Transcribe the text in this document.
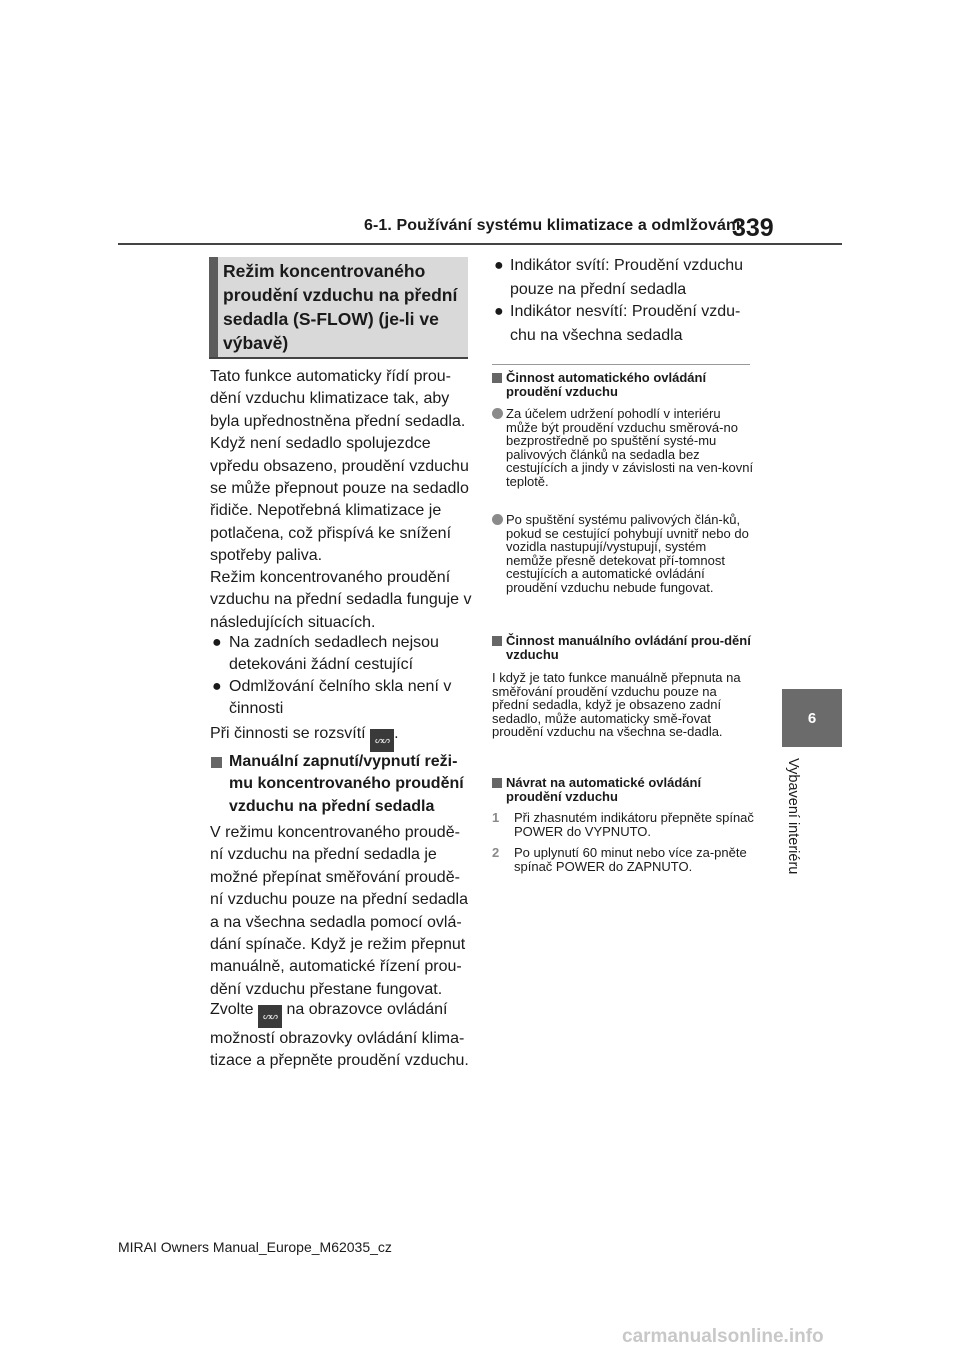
6-1. Používání systému klimatizace a odmlžování
339
6
Vybavení interiéru
Režim koncentrovaného proudění vzduchu na přední sedadla (S-FLOW) (je-li ve výbavě)
Tato funkce automaticky řídí prou-dění vzduchu klimatizace tak, aby byla upřednostněna přední sedadla. Když není sedadlo spolujezdce vpředu obsazeno, proudění vzduchu se může přepnout pouze na sedadlo řidiče. Nepotřebná klimatizace je potlačena, což přispívá ke snížení spotřeby paliva.
Režim koncentrovaného proudění vzduchu na přední sedadla funguje v následujících situacích.
● Na zadních sedadlech nejsou detekováni žádní cestující
● Odmlžování čelního skla není v činnosti
Při činnosti se rozsvítí ᔕᔕ .
Manuální zapnutí/vypnutí reži-mu koncentrovaného proudění vzduchu na přední sedadla
V režimu koncentrovaného proudě-ní vzduchu na přední sedadla je možné přepínat směřování proudě-ní vzduchu pouze na přední sedadla a na všechna sedadla pomocí ovlá-dání spínače. Když je režim přepnut manuálně, automatické řízení prou-dění vzduchu přestane fungovat.
Zvolte ᔕᔕ na obrazovce ovládání možností obrazovky ovládání klima-tizace a přepněte proudění vzduchu.
● Indikátor svítí: Proudění vzduchu pouze na přední sedadla
● Indikátor nesvítí: Proudění vzdu-chu na všechna sedadla
Činnost automatického ovládání proudění vzduchu
Za účelem udržení pohodlí v interiéru může být proudění vzduchu směrová-no bezprostředně po spuštění systé-mu palivových článků na sedadla bez cestujících a jindy v závislosti na ven-kovní teplotě.
Po spuštění systému palivových člán-ků, pokud se cestující pohybují uvnitř nebo do vozidla nastupují/vystupují, systém nemůže přesně detekovat pří-tomnost cestujících a automatické ovládání proudění vzduchu nebude fungovat.
Činnost manuálního ovládání prou-dění vzduchu
I když je tato funkce manuálně přepnuta na směřování proudění vzduchu pouze na přední sedadla, když je obsazeno zadní sedadlo, může automaticky smě-řovat proudění vzduchu na všechna se-dadla.
Návrat na automatické ovládání proudění vzduchu
1 Při zhasnutém indikátoru přepněte spínač POWER do VYPNUTO.
2 Po uplynutí 60 minut nebo více za-pněte spínač POWER do ZAPNUTO.
MIRAI Owners Manual_Europe_M62035_cz
carmanualsonline.info
